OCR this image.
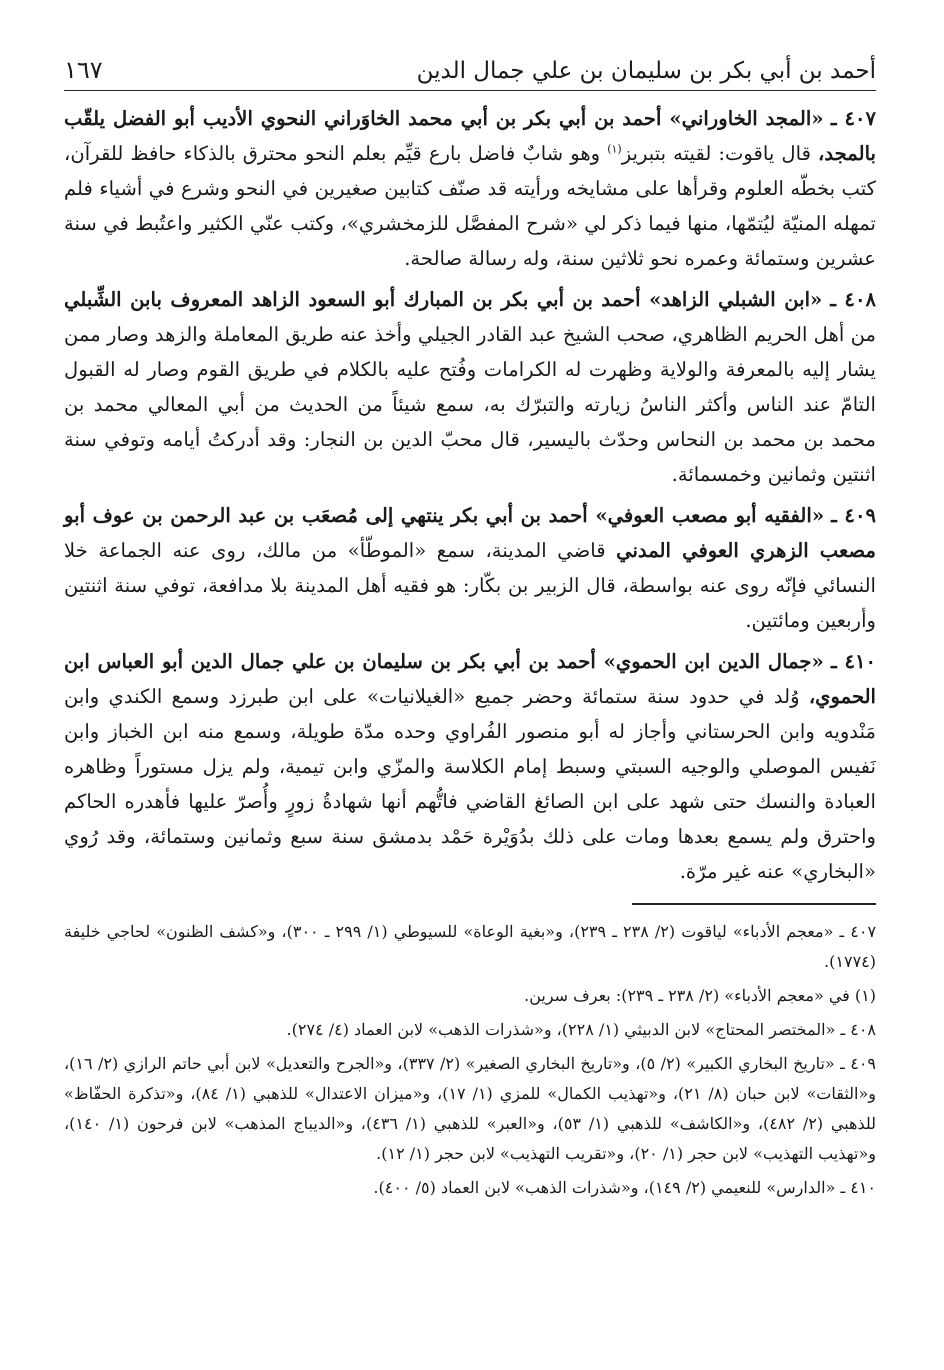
أحمد بن أبي بكر بن سليمان بن علي جمال الدين
١٦٧

٤٠٧ ـ «المجد الخاوراني» أحمد بن أبي بكر بن أبي محمد الخاوَراني النحوي الأديب أبو الفضل يلقّب بالمجد، قال ياقوت: لقيته بتبريز$^{(١)}$ وهو شابٌ فاضل بارع قيِّم بعلم النحو محترق بالذكاء حافظ للقرآن، كتب بخطّه العلوم وقرأها على مشايخه ورأيته قد صنّف كتابين صغيرين في النحو وشرع في أشياء فلم تمهله المنيّة ليُتمّها، منها فيما ذكر لي «شرح المفصَّل للزمخشري»، وكتب عنّي الكثير واعتُبط في سنة عشرين وستمائة وعمره نحو ثلاثين سنة، وله رسالة صالحة.

٤٠٨ ـ «ابن الشبلي الزاهد» أحمد بن أبي بكر بن المبارك أبو السعود الزاهد المعروف بابن الشِّبلي من أهل الحريم الظاهري، صحب الشيخ عبد القادر الجيلي وأخذ عنه طريق المعاملة والزهد وصار ممن يشار إليه بالمعرفة والولاية وظهرت له الكرامات وفُتح عليه بالكلام في طريق القوم وصار له القبول التامّ عند الناس وأكثر الناسُ زيارته والتبرّك به، سمع شيئاً من الحديث من أبي المعالي محمد بن محمد بن محمد بن النحاس وحدّث باليسير، قال محبّ الدين بن النجار: وقد أدركتُ أيامه وتوفي سنة اثنتين وثمانين وخمسمائة.

٤٠٩ ـ «الفقيه أبو مصعب العوفي» أحمد بن أبي بكر ينتهي إلى مُصعَب بن عبد الرحمن بن عوف أبو مصعب الزهري العوفي المدني قاضي المدينة، سمع «الموطّأ» من مالك، روى عنه الجماعة خلا النسائي فإنّه روى عنه بواسطة، قال الزبير بن بكّار: هو فقيه أهل المدينة بلا مدافعة، توفي سنة اثنتين وأربعين ومائتين.

٤١٠ ـ «جمال الدين ابن الحموي» أحمد بن أبي بكر بن سليمان بن علي جمال الدين أبو العباس ابن الحموي، وُلد في حدود سنة ستمائة وحضر جميع «الغيلانيات» على ابن طبرزد وسمع الكندي وابن مَنْدويه وابن الحرستاني وأجاز له أبو منصور الفُراوي وحده مدّة طويلة، وسمع منه ابن الخباز وابن نَفيس الموصلي والوجيه السبتي وسبط إمام الكلاسة والمزّي وابن تيمية، ولم يزل مستوراً وظاهره العبادة والنسك حتى شهد على ابن الصائغ القاضي فاتُّهم أنها شهادةُ زورٍ وأُصرّ عليها فأهدره الحاكم واحترق ولم يسمع بعدها ومات على ذلك بدُوَيْرة حَمْد بدمشق سنة سبع وثمانين وستمائة، وقد رُوي «البخاري» عنه غير مرّة.

٤٠٧ ـ «معجم الأدباء» لياقوت (٢/ ٢٣٨ ـ ٢٣٩)، و«بغية الوعاة» للسيوطي (١/ ٢٩٩ ـ ٣٠٠)، و«كشف الظنون» لحاجي خليفة (١٧٧٤).

(١) في «معجم الأدباء» (٢/ ٢٣٨ ـ ٢٣٩): بعرف سرين.

٤٠٨ ـ «المختصر المحتاج» لابن الدبيثي (١/ ٢٢٨)، و«شذرات الذهب» لابن العماد (٤/ ٢٧٤).

٤٠٩ ـ «تاريخ البخاري الكبير» (٢/ ٥)، و«تاريخ البخاري الصغير» (٢/ ٣٣٧)، و«الجرح والتعديل» لابن أبي حاتم الرازي (٢/ ١٦)، و«الثقات» لابن حبان (٨/ ٢١)، و«تهذيب الكمال» للمزي (١/ ١٧)، و«ميزان الاعتدال» للذهبي (١/ ٨٤)، و«تذكرة الحفّاظ» للذهبي (٢/ ٤٨٢)، و«الكاشف» للذهبي (١/ ٥٣)، و«العبر» للذهبي (١/ ٤٣٦)، و«الديباج المذهب» لابن فرحون (١/ ١٤٠)، و«تهذيب التهذيب» لابن حجر (١/ ٢٠)، و«تقريب التهذيب» لابن حجر (١/ ١٢).

٤١٠ ـ «الدارس» للنعيمي (٢/ ١٤٩)، و«شذرات الذهب» لابن العماد (٥/ ٤٠٠).
